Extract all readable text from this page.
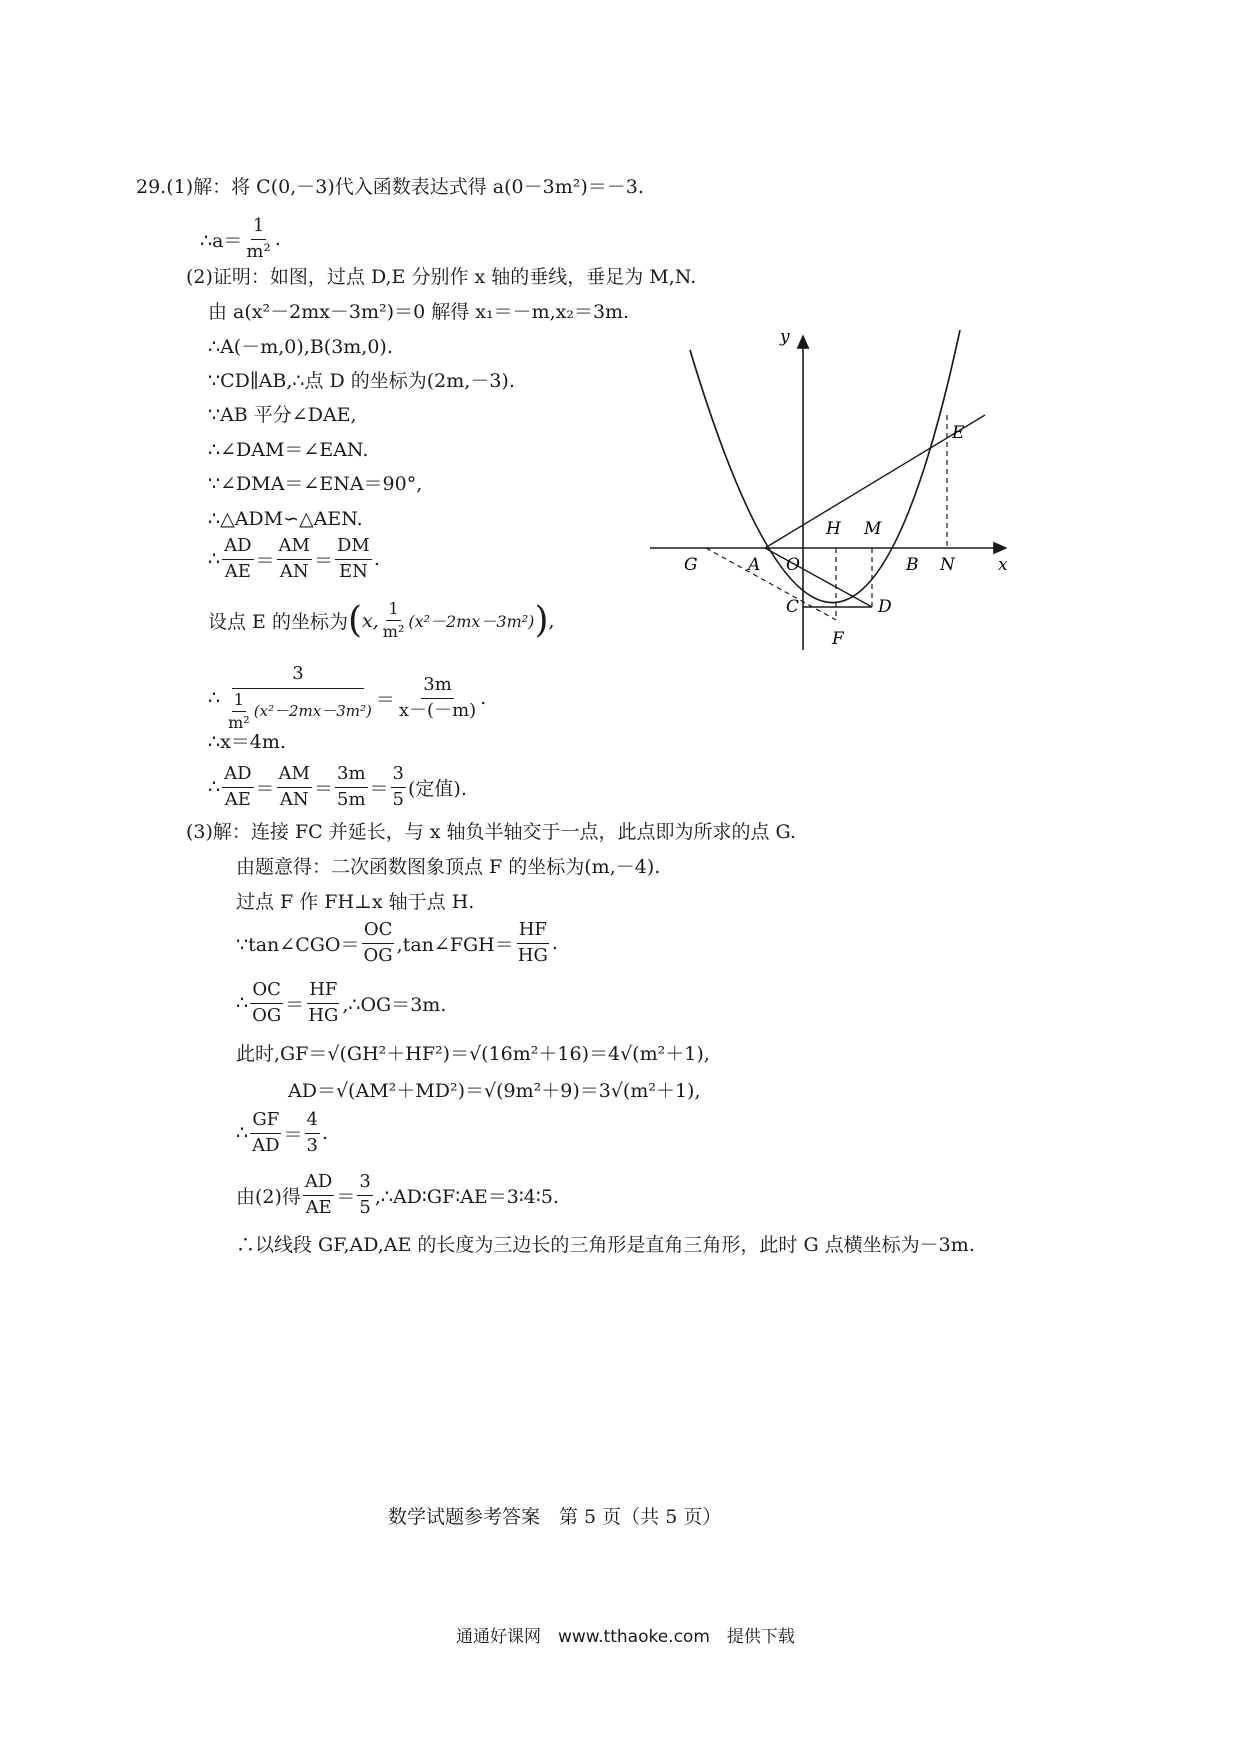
29.(1)解：将 C(0,－3)代入函数表达式得 a(0－3m²)＝－3.
∴a＝ $\frac{1}{\text{m²}}$ .
(2)证明：如图，过点 D,E 分别作 x 轴的垂线，垂足为 M,N.
由 a(x²－2mx－3m²)＝0 解得 x₁＝－m,x₂＝3m.
∴A(－m,0),B(3m,0).
∵CD∥AB,∴点 D 的坐标为(2m,－3).
∵AB 平分∠DAE,
∴∠DAM＝∠EAN.
∵∠DMA＝∠ENA＝90°,
∴△ADM∽△AEN.
∴ $\frac{AD}{AE} = \frac{AM}{AN} = \frac{DM}{EN}$ .
设点 E 的坐标为 ( x, $\frac{1}{\text{m²}} (x^2-2mx-3m^2)$ ) ,
∴ $\frac{3}{\frac{1}{\text{m²}} (x^2-2mx-3m^2)} = \frac{3m}{x-(-m)}$ .
∴x＝4m.
∴ $\frac{AD}{AE} = \frac{AM}{AN} = \frac{3m}{5m} = \frac{3}{5}$ (定值).
(3)解：连接 FC 并延长，与 x 轴负半轴交于一点，此点即为所求的点 G.
由题意得：二次函数图象顶点 F 的坐标为(m,－4).
过点 F 作 FH⊥x 轴于点 H.
∵tan∠CGO＝ $\frac{OC}{OG}$ ,tan∠FGH＝ $\frac{HF}{HG}$ .
∴ $\frac{OC}{OG} = \frac{HF}{HG}$ ,∴OG＝3m.
此时,GF＝√(GH²＋HF²)＝√(16m²＋16)＝4√(m²＋1),
AD＝√(AM²＋MD²)＝√(9m²＋9)＝3√(m²＋1),
∴ $\frac{GF}{AD} = \frac{4}{3}$ .
由(2)得 $\frac{AD}{AE} = \frac{3}{5}$ ,∴AD∶GF∶AE＝3∶4∶5.
∴以线段 GF,AD,AE 的长度为三边长的三角形是直角三角形，此时 G 点横坐标为－3m.
y
x
E
H M
G	A O	B N
C	D
F
数学试题参考答案　第 5 页（共 5 页）
通通好课网　www.tthaoke.com　提供下载
